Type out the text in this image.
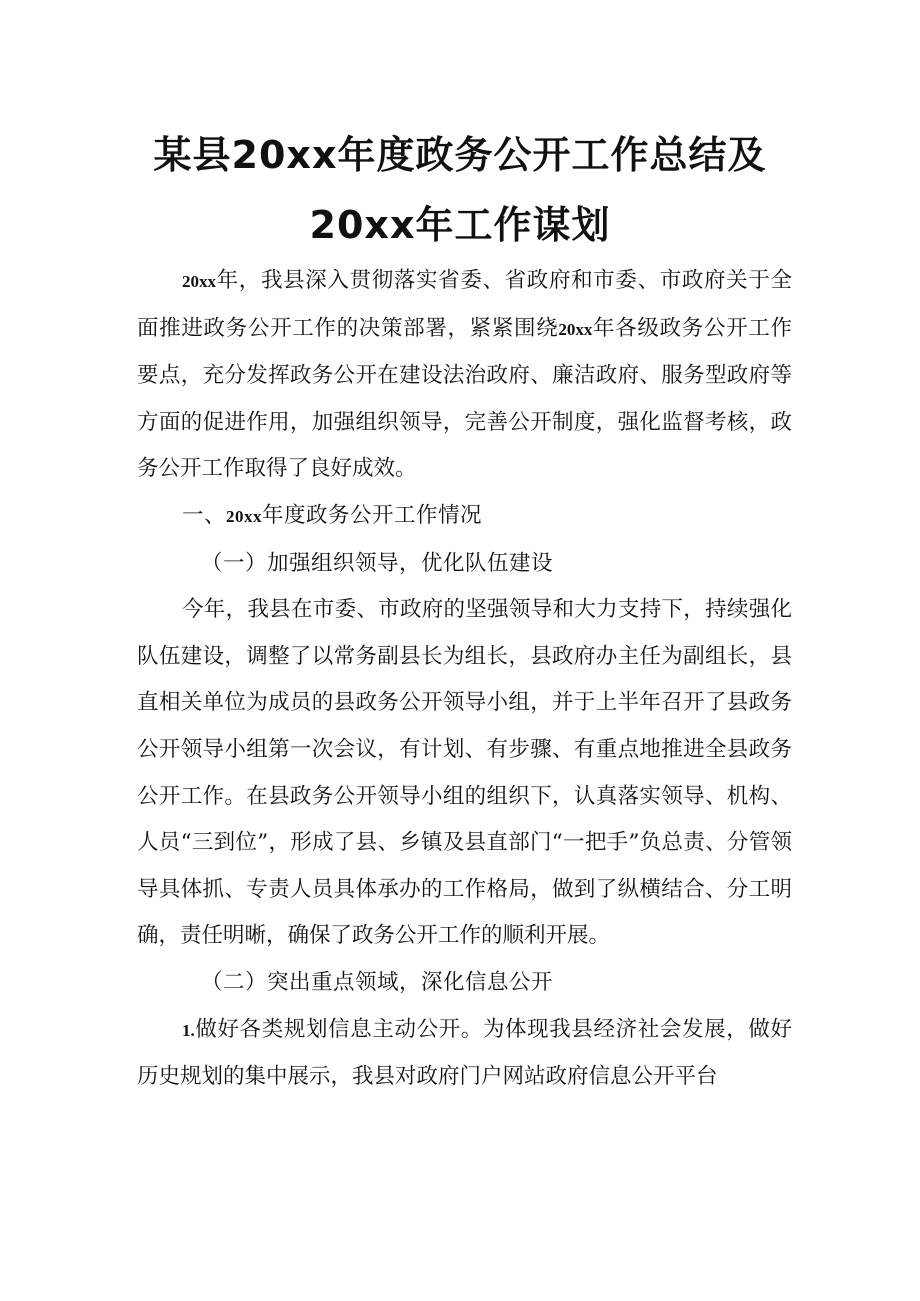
某县20xx年度政务公开工作总结及
20xx年工作谋划

20xx年，我县深入贯彻落实省委、省政府和市委、市政府关于全面推进政务公开工作的决策部署，紧紧围绕20xx年各级政务公开工作要点，充分发挥政务公开在建设法治政府、廉洁政府、服务型政府等方面的促进作用，加强组织领导，完善公开制度，强化监督考核，政务公开工作取得了良好成效。

一、20xx年度政务公开工作情况

（一）加强组织领导，优化队伍建设

今年，我县在市委、市政府的坚强领导和大力支持下，持续强化队伍建设，调整了以常务副县长为组长，县政府办主任为副组长，县直相关单位为成员的县政务公开领导小组，并于上半年召开了县政务公开领导小组第一次会议，有计划、有步骤、有重点地推进全县政务公开工作。在县政务公开领导小组的组织下，认真落实领导、机构、人员“三到位”，形成了县、乡镇及县直部门“一把手”负总责、分管领导具体抓、专责人员具体承办的工作格局，做到了纵横结合、分工明确，责任明晰，确保了政务公开工作的顺利开展。

（二）突出重点领域，深化信息公开

1.做好各类规划信息主动公开。为体现我县经济社会发展，做好历史规划的集中展示，我县对政府门户网站政府信息公开平台
